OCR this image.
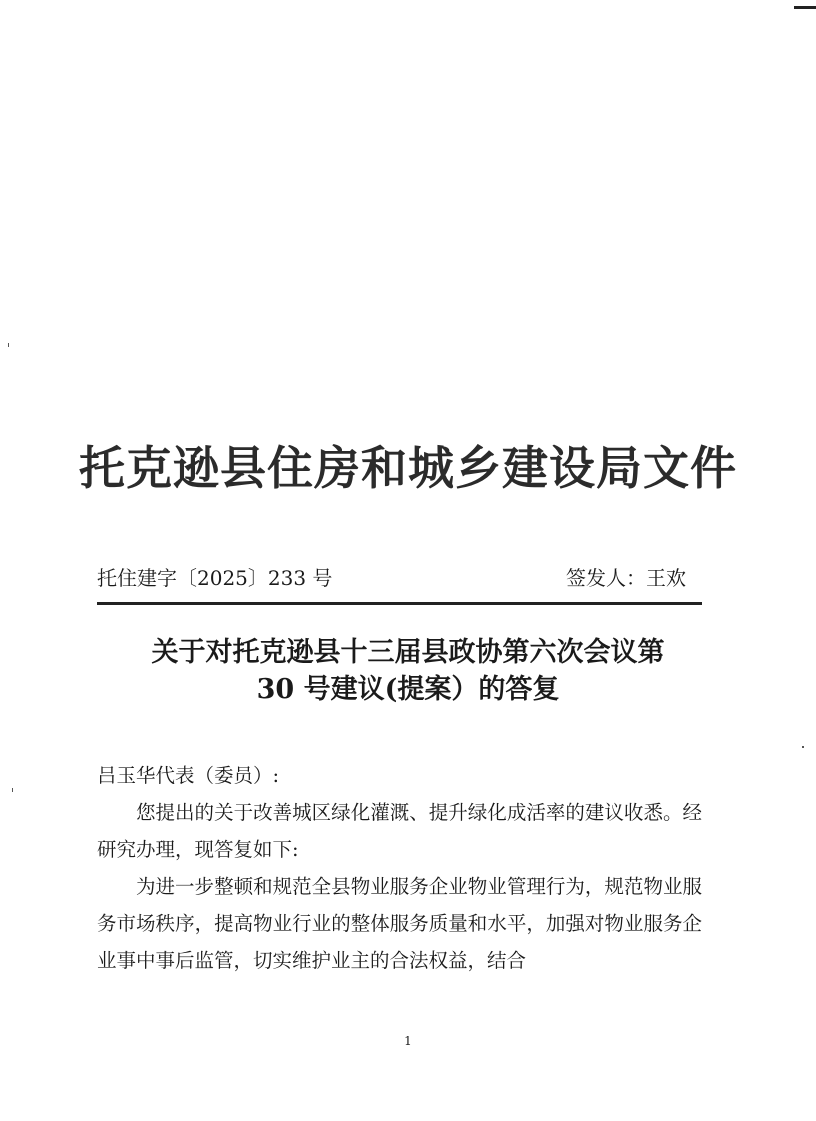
托克逊县住房和城乡建设局文件
托住建字〔2025〕233 号	签发人：王欢
关于对托克逊县十三届县政协第六次会议第
30 号建议(提案）的答复

吕玉华代表（委员）:

您提出的关于改善城区绿化灌溉、提升绿化成活率的建议收悉。经研究办理，现答复如下:

为进一步整顿和规范全县物业服务企业物业管理行为，规范物业服务市场秩序，提高物业行业的整体服务质量和水平，加强对物业服务企业事中事后监管，切实维护业主的合法权益，结合

1
